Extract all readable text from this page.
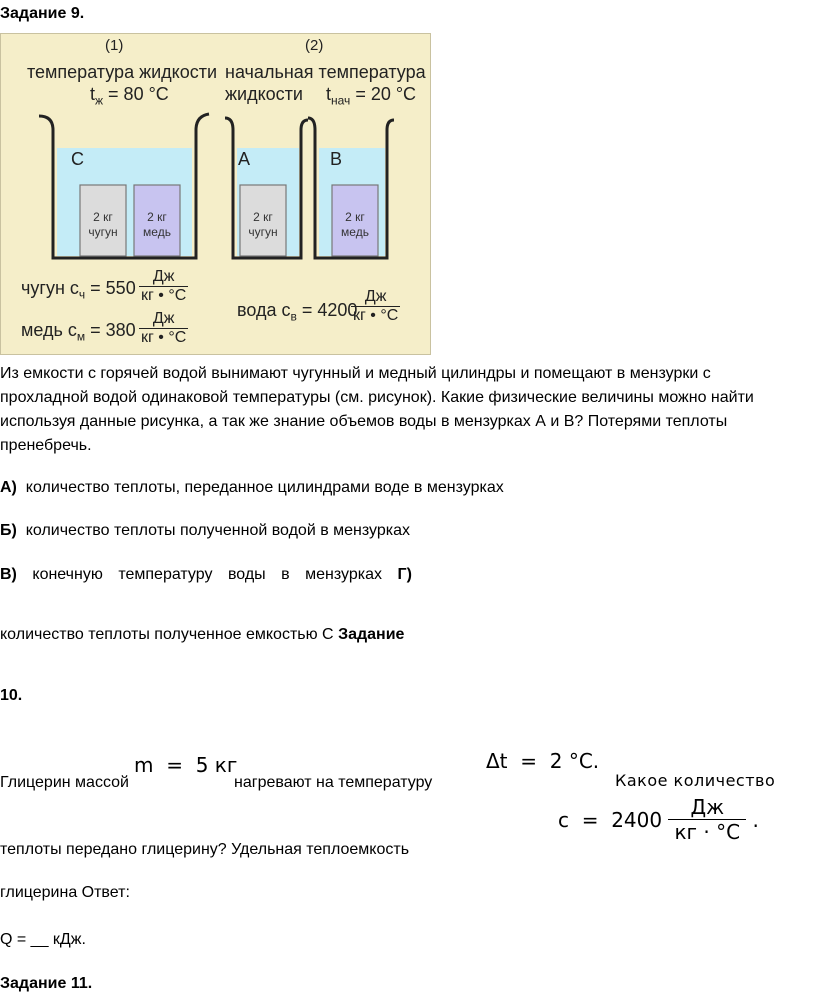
Задание 9.
(1)	(2)
температура жидкости
$t_ж = 80$ °C
начальная температура
жидкости $t_{нач} = 20$ °C
C	A	B
2 кг
чугун
2 кг
медь
2 кг
чугун
2 кг
медь
чугун $c_ч = 550$
Дж
кг • °C
медь $c_м = 380$
Дж
кг • °C
вода $c_в = 4200$
Дж
кг • °C
Из емкости с горячей водой вынимают чугунный и медный цилиндры и помещают в мензурки с
прохладной водой одинаковой температуры (см. рисунок). Какие физические величины можно найти
используя данные рисунка, а так же знание объемов воды в мензурках А и В? Потерями теплоты
пренебречь.
А) количество теплоты, переданное цилиндрами воде в мензурках
Б) количество теплоты полученной водой в мензурках
В) конечную температуру воды в мензурках Г)
количество теплоты полученное емкостью С Задание
10.
Глицерин массой
m = 5 кг
нагревают на температуру
Δt = 2 °C.
Какое количество
c
=
2400
$\frac{Дж}{кг \cdot ^\circ C}$
.
теплоты передано глицерину? Удельная теплоемкость
глицерина Ответ:
Q = __ кДж.
Задание 11.
